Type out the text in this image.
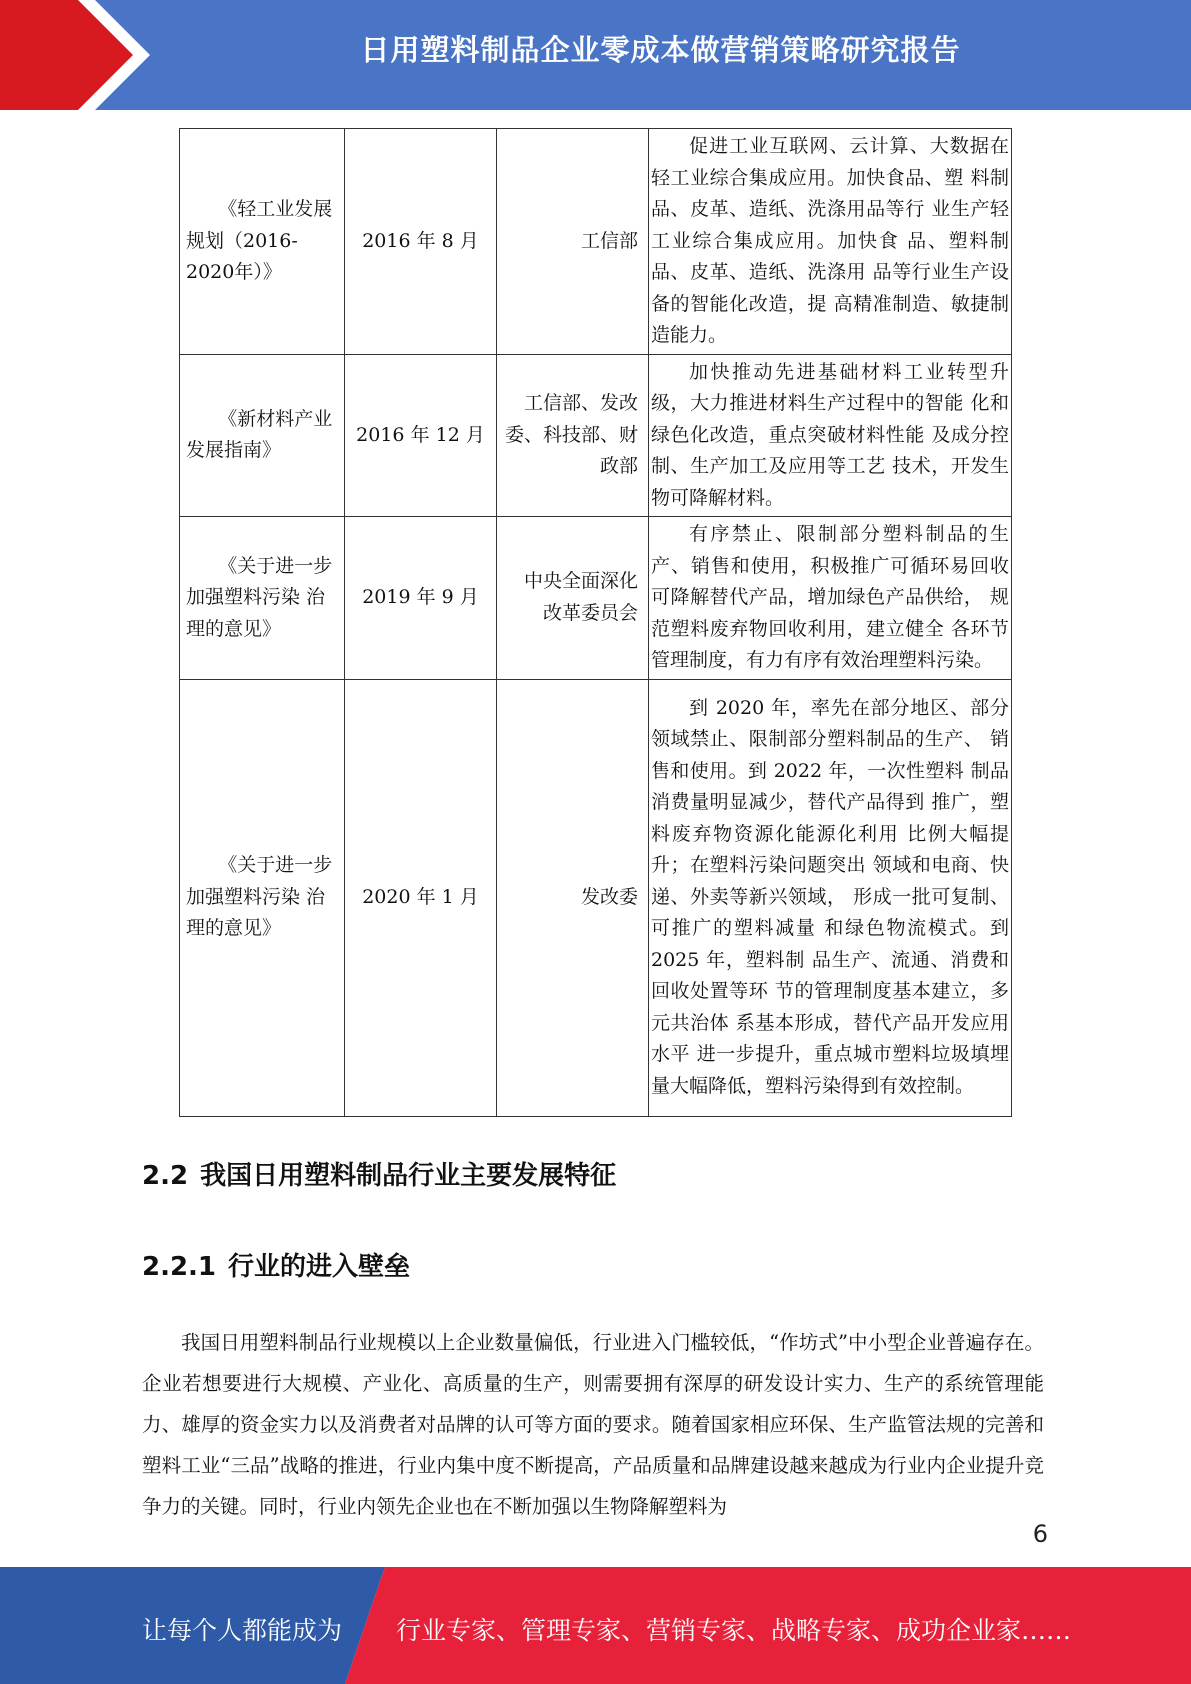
日用塑料制品企业零成本做营销策略研究报告
《轻工业发展规划（2016-2020年）》	2016 年 8 月	工信部	促进工业互联网、云计算、大数据在轻工业综合集成应用。加快食品、塑 料制品、皮革、造纸、洗涤用品等行 业生产轻工业综合集成应用。加快食 品、塑料制品、皮革、造纸、洗涤用 品等行业生产设备的智能化改造，提 高精准制造、敏捷制造能力。
《新材料产业发展指南》	2016 年 12 月	工信部、发改 委、科技部、财政部	加快推动先进基础材料工业转型升级，大力推进材料生产过程中的智能 化和绿色化改造，重点突破材料性能 及成分控制、生产加工及应用等工艺 技术，开发生物可降解材料。
《关于进一步加强塑料污染 治理的意见》	2019 年 9 月	中央全面深化 改革委员会	有序禁止、限制部分塑料制品的生产、销售和使用，积极推广可循环易回收 可降解替代产品，增加绿色产品供给， 规范塑料废弃物回收利用，建立健全 各环节管理制度，有力有序有效治理塑料污染。
《关于进一步 加强塑料污染 治理的意见》	2020 年 1 月	发改委	到 2020 年，率先在部分地区、部分领域禁止、限制部分塑料制品的生产、 销售和使用。到 2022 年，一次性塑料 制品消费量明显减少，替代产品得到 推广，塑料废弃物资源化能源化利用 比例大幅提升；在塑料污染问题突出 领域和电商、快递、外卖等新兴领域， 形成一批可复制、可推广的塑料减量 和绿色物流模式。到 2025 年，塑料制 品生产、流通、消费和回收处置等环 节的管理制度基本建立，多元共治体 系基本形成，替代产品开发应用水平 进一步提升，重点城市塑料垃圾填埋量大幅降低，塑料污染得到有效控制。
2.2 我国日用塑料制品行业主要发展特征
2.2.1 行业的进入壁垒
我国日用塑料制品行业规模以上企业数量偏低，行业进入门槛较低，“作坊式”中小型企业普遍存在。企业若想要进行大规模、产业化、高质量的生产，则需要拥有深厚的研发设计实力、生产的系统管理能力、雄厚的资金实力以及消费者对品牌的认可等方面的要求。随着国家相应环保、生产监管法规的完善和塑料工业“三品”战略的推进，行业内集中度不断提高，产品质量和品牌建设越来越成为行业内企业提升竞争力的关键。同时，行业内领先企业也在不断加强以生物降解塑料为
6
让每个人都能成为 行业专家、管理专家、营销专家、战略专家、成功企业家……
